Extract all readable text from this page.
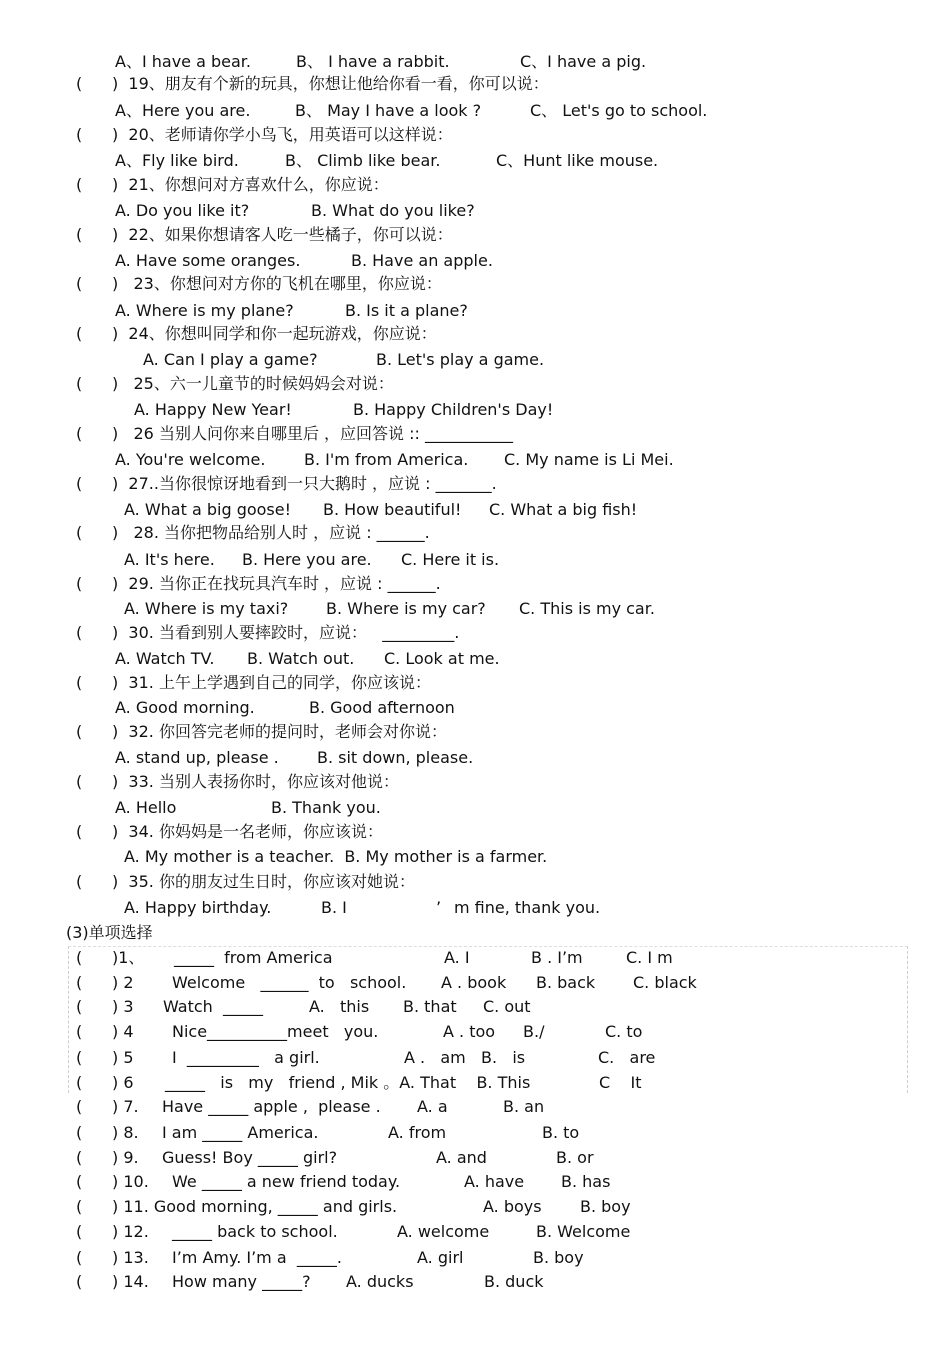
A、I have a bear.	B、 I have a rabbit.	C、I have a pig.
( )  19、朋友有个新的玩具，你想让他给你看一看，你可以说：
A、Here you are.	B、 May I have a look ?	C、 Let's go to school.
( )  20、老师请你学小鸟飞，用英语可以这样说：
A、Fly like bird.	B、 Climb like bear.	C、Hunt like mouse.
( )  21、你想问对方喜欢什么，你应说：
A. Do you like it?	B. What do you like?
( )  22、如果你想请客人吃一些橘子，你可以说：
A. Have some oranges.	B. Have an apple.
( )   23、你想问对方你的飞机在哪里，你应说：
A. Where is my plane?	B. Is it a plane?
( )  24、你想叫同学和你一起玩游戏，你应说：
A. Can I play a game?	B. Let's play a game.
( )   25、六一儿童节的时候妈妈会对说：
A. Happy New Year!	B. Happy Children's Day!
( )   26 当别人问你来自哪里后 ，应回答说 :: ___________
A. You're welcome. B. I'm from America. C. My name is Li Mei.
( )  27..当你很惊讶地看到一只大鹅时 ，应说 : _______.
A. What a big goose! B. How beautiful! C. What a big fish!
( )   28. 当你把物品给别人时 ，应说 : ______.
A. It's here. B. Here you are. C. Here it is.
( )  29. 当你正在找玩具汽车时 ，应说 : ______.
A. Where is my taxi? B. Where is my car? C. This is my car.
( )  30. 当看到别人要摔跤时，应说：   _________.
A. Watch TV. B. Watch out. C. Look at me.
( )  31. 上午上学遇到自己的同学，你应该说：
A. Good morning.	B. Good afternoon
( )  32. 你回答完老师的提问时，老师会对你说：
A. stand up, please . B. sit down, please.
( )  33. 当别人表扬你时，你应该对他说：
A. Hello	B. Thank you.
( )  34. 你妈妈是一名老师，你应该说：
A. My mother is a teacher.  B. My mother is a farmer.
( )  35. 你的朋友过生日时，你应该对她说：
A. Happy birthday.	B. I	’ m fine, thank you.
(3)单项选择
( )1、 _____  from America	A. I	B . I’m	C. I m
( ) 2 Welcome   ______  to   school. A . book B. back C. black
( ) 3 Watch  _____	A.   this B. that C. out
( ) 4 Nice__________meet   you.	A . too B./	C. to
( ) 5 I  _________   a girl.	A .   am   B.   is	C.   are
( ) 6 _____   is   my   friend , Mik 。A. That    B. This	C    It
( ) 7. Have _____ apple ,  please . A. a	B. an
( ) 8. I am _____ America.	A. from	B. to
( ) 9. Guess! Boy _____ girl?	A. and	B. or
( ) 10. We _____ a new friend today.	A. have B. has
( ) 11. Good morning, _____ and girls.	A. boys B. boy
( ) 12. _____ back to school.	A. welcome	B. Welcome
( ) 13. I’m Amy. I’m a  _____.	A. girl	B. boy
( ) 14. How many _____? A. ducks	B. duck
